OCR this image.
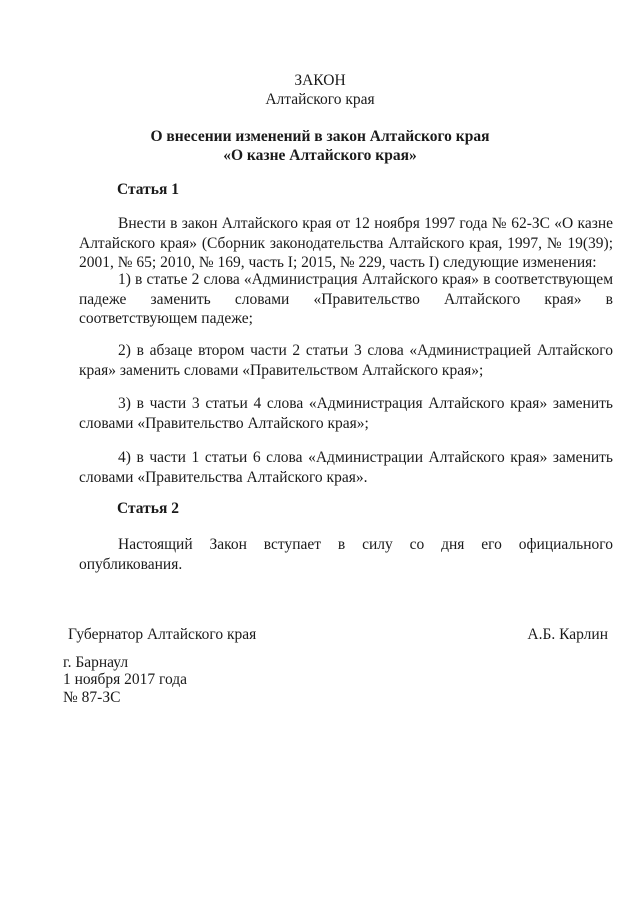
ЗАКОН
Алтайского края
О внесении изменений в закон Алтайского края
«О казне Алтайского края»
Статья 1
Внести в закон Алтайского края от 12 ноября 1997 года № 62-ЗС «О казне Алтайского края» (Сборник законодательства Алтайского края, 1997, № 19(39); 2001, № 65; 2010, № 169, часть I; 2015, № 229, часть I) следующие изменения:
1) в статье 2 слова «Администрация Алтайского края» в соответствующем падеже заменить словами «Правительство Алтайского края» в соответствующем падеже;
2) в абзаце втором части 2 статьи 3 слова «Администрацией Алтайского края» заменить словами «Правительством Алтайского края»;
3) в части 3 статьи 4 слова «Администрация Алтайского края» заменить словами «Правительство Алтайского края»;
4) в части 1 статьи 6 слова «Администрации Алтайского края» заменить словами «Правительства Алтайского края».
Статья 2
Настоящий Закон вступает в силу со дня его официального опубликования.
Губернатор Алтайского края	А.Б. Карлин
г. Барнаул
1 ноября 2017 года
№ 87-ЗС
